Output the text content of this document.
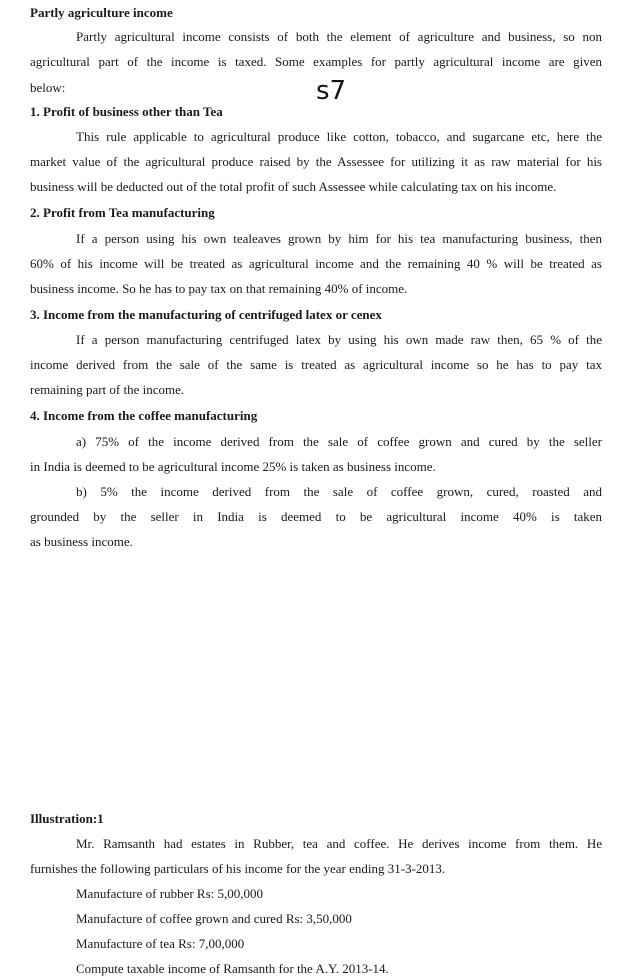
Partly agriculture income
Partly agricultural income consists of both the element of agriculture and business, so non
agricultural part of the income is taxed. Some examples for partly agricultural income are given
below:	s7
1. Profit of business other than Tea
This rule applicable to agricultural produce like cotton, tobacco, and sugarcane etc, here the
market value of the agricultural produce raised by the Assessee for utilizing it as raw material for his
business will be deducted out of the total profit of such Assessee while calculating tax on his income.
2. Profit from Tea manufacturing
If a person using his own tealeaves grown by him for his tea manufacturing business, then
60% of his income will be treated as agricultural income and the remaining 40 % will be treated as
business income. So he has to pay tax on that remaining 40% of income.
3. Income from the manufacturing of centrifuged latex or cenex
If a person manufacturing centrifuged latex by using his own made raw then, 65 % of the
income derived from the sale of the same is treated as agricultural income so he has to pay tax
remaining part of the income.
4. Income from the coffee manufacturing
a) 75% of the income derived from the sale of coffee grown and cured by the seller
in India is deemed to be agricultural income 25% is taken as business income.
b) 5% the income derived from the sale of coffee grown, cured, roasted and
grounded by the seller in India is deemed to be agricultural income 40% is taken
as business income.
Illustration:1
Mr. Ramsanth had estates in Rubber, tea and coffee. He derives income from them. He
furnishes the following particulars of his income for the year ending 31-3-2013.
Manufacture of rubber Rs: 5,00,000
Manufacture of coffee grown and cured Rs: 3,50,000
Manufacture of tea Rs: 7,00,000
Compute taxable income of Ramsanth for the A.Y. 2013-14.
